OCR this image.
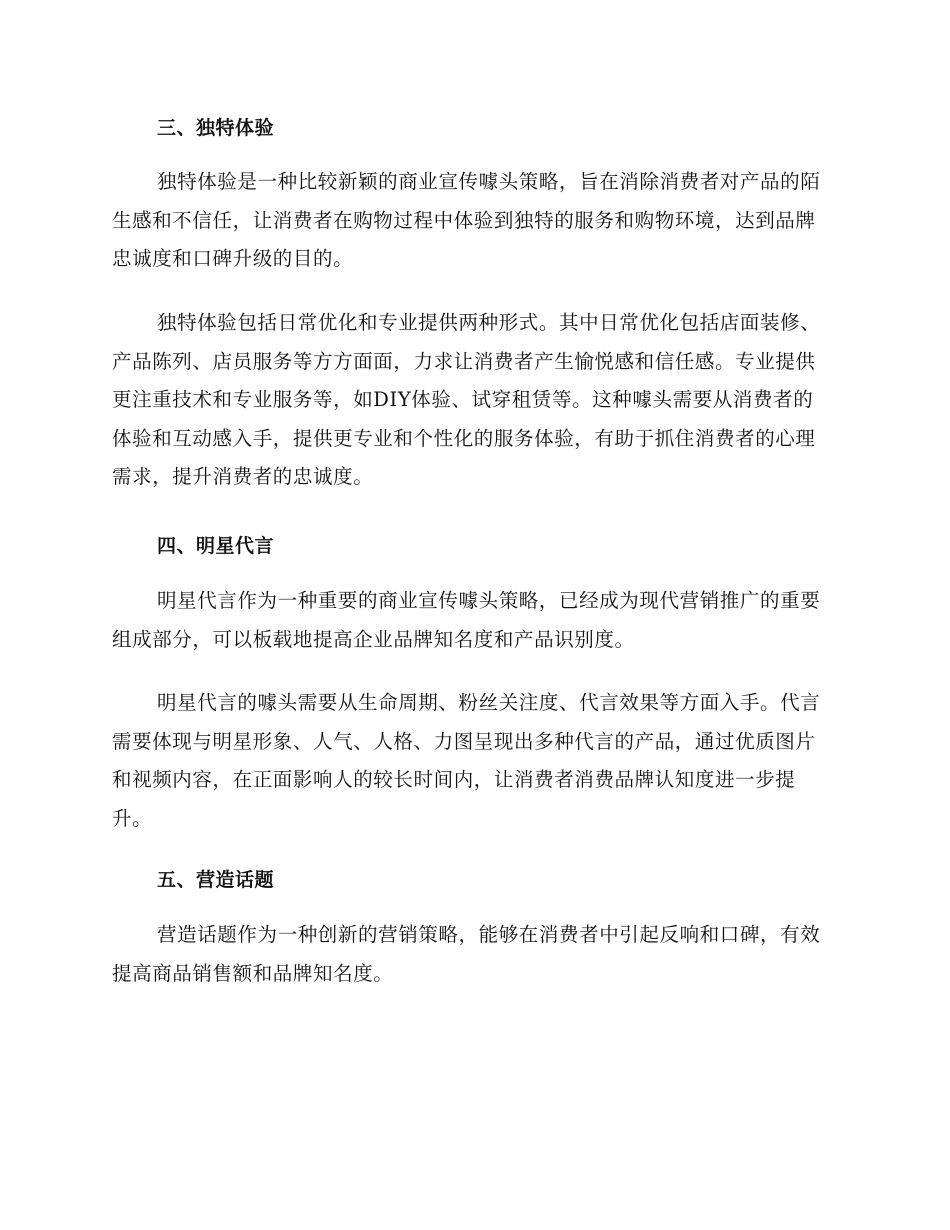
三、独特体验

独特体验是一种比较新颖的商业宣传噱头策略，旨在消除消费者对产品的陌生感和不信任，让消费者在购物过程中体验到独特的服务和购物环境，达到品牌忠诚度和口碑升级的目的。

独特体验包括日常优化和专业提供两种形式。其中日常优化包括店面装修、产品陈列、店员服务等方方面面，力求让消费者产生愉悦感和信任感。专业提供更注重技术和专业服务等，如DIY体验、试穿租赁等。这种噱头需要从消费者的体验和互动感入手，提供更专业和个性化的服务体验，有助于抓住消费者的心理需求，提升消费者的忠诚度。

四、明星代言

明星代言作为一种重要的商业宣传噱头策略，已经成为现代营销推广的重要组成部分，可以板载地提高企业品牌知名度和产品识别度。

明星代言的噱头需要从生命周期、粉丝关注度、代言效果等方面入手。代言需要体现与明星形象、人气、人格、力图呈现出多种代言的产品，通过优质图片和视频内容，在正面影响人的较长时间内，让消费者消费品牌认知度进一步提升。

五、营造话题

营造话题作为一种创新的营销策略，能够在消费者中引起反响和口碑，有效提高商品销售额和品牌知名度。
